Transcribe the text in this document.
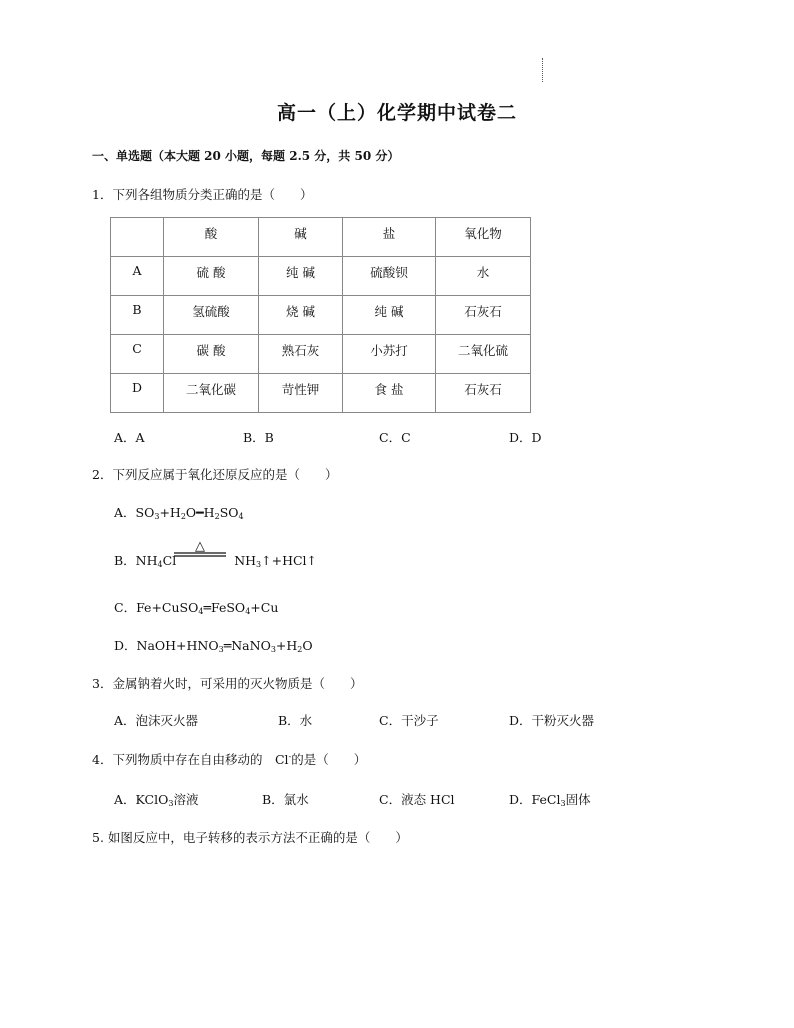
高一（上）化学期中试卷二
一、单选题（本大题 20 小题，每题 2.5 分，共 50 分）
1．下列各组物质分类正确的是（　　）
	酸	碱	盐	氧化物
A	硫 酸	纯 碱	硫酸钡	水
B	氢硫酸	烧 碱	纯 碱	石灰石
C	碳 酸	熟石灰	小苏打	二氧化硫
D	二氧化碳	苛性钾	食 盐	石灰石
A．A	B．B	C．C	D．D
2．下列反应属于氧化还原反应的是（　　）
A．$SO_3+H_2O━H_2SO_4$
B．$NH_4Cl$	$NH_3↑+HCl↑$
△
C．Fe+CuSO$_4$═FeSO$_4$+Cu
D．$NaOH+HNO_3═NaNO_3+H_2O$
3．金属钠着火时，可采用的灭火物质是（　　）
A．泡沫灭火器	B．水	C．干沙子	D．干粉灭火器
4．下列物质中存在自由移动的　Cl-的是（　　）
A．KClO$_3$溶液	B．氯水	C．液态 HCl	D．FeCl$_3$固体
5. 如图反应中，电子转移的表示方法不正确的是（　　）
